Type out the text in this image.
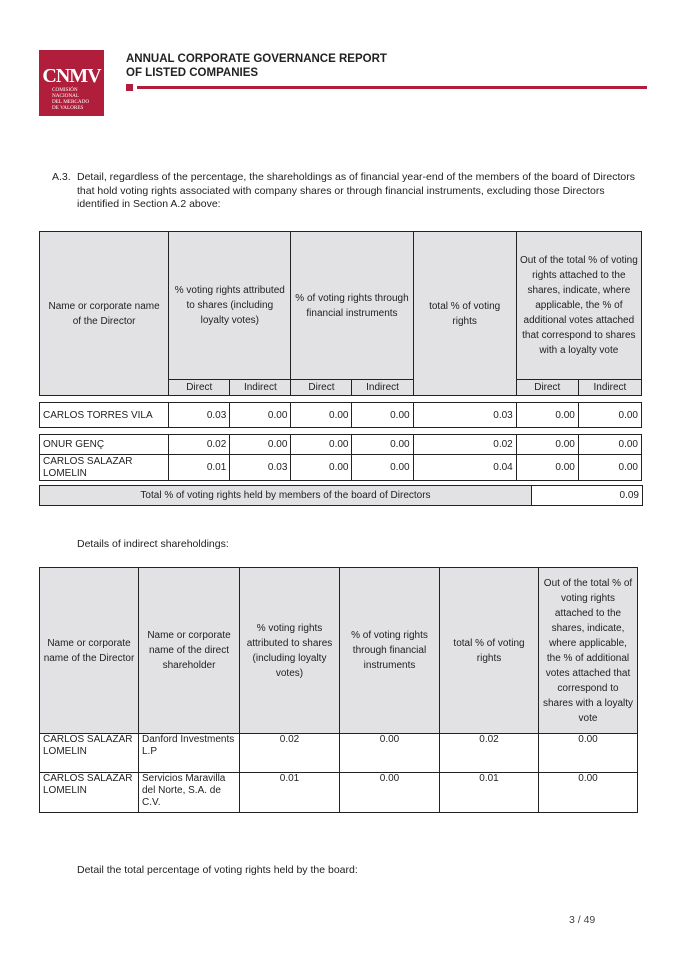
CNMV
COMISIÓN
NACIONAL
DEL MERCADO
DE VALORES
ANNUAL CORPORATE GOVERNANCE REPORT
OF LISTED COMPANIES
A.3. Detail, regardless of the percentage, the shareholdings as of financial year-end of the members of the board of Directors that hold voting rights associated with company shares or through financial instruments, excluding those Directors identified in Section A.2 above:
Name or corporate name of the Director	% voting rights attributed to shares (including loyalty votes)		% of voting rights through financial instruments		total % of voting rights	Out of the total % of voting rights attached to the shares, indicate, where applicable, the % of additional votes attached that correspond to shares with a loyalty vote	
	Direct	Indirect	Direct	Indirect		Direct	Indirect

CARLOS TORRES VILA	0.03	0.00	0.00	0.00	0.03	0.00	0.00

ONUR GENÇ	0.02	0.00	0.00	0.00	0.02	0.00	0.00
CARLOS SALAZAR LOMELIN	0.01	0.03	0.00	0.00	0.04	0.00	0.00
Total % of voting rights held by members of the board of Directors	0.09
Details of indirect shareholdings:
Name or corporate name of the Director	Name or corporate name of the direct shareholder	% voting rights attributed to shares (including loyalty votes)	% of voting rights through financial instruments	total % of voting rights	Out of the total % of voting rights attached to the shares, indicate, where applicable, the % of additional votes attached that correspond to shares with a loyalty vote
CARLOS SALAZAR LOMELIN	Danford Investments L.P	0.02	0.00	0.02	0.00
CARLOS SALAZAR LOMELIN	Servicios Maravilla del Norte, S.A. de C.V.	0.01	0.00	0.01	0.00
Detail the total percentage of voting rights held by the board:
3 / 49
